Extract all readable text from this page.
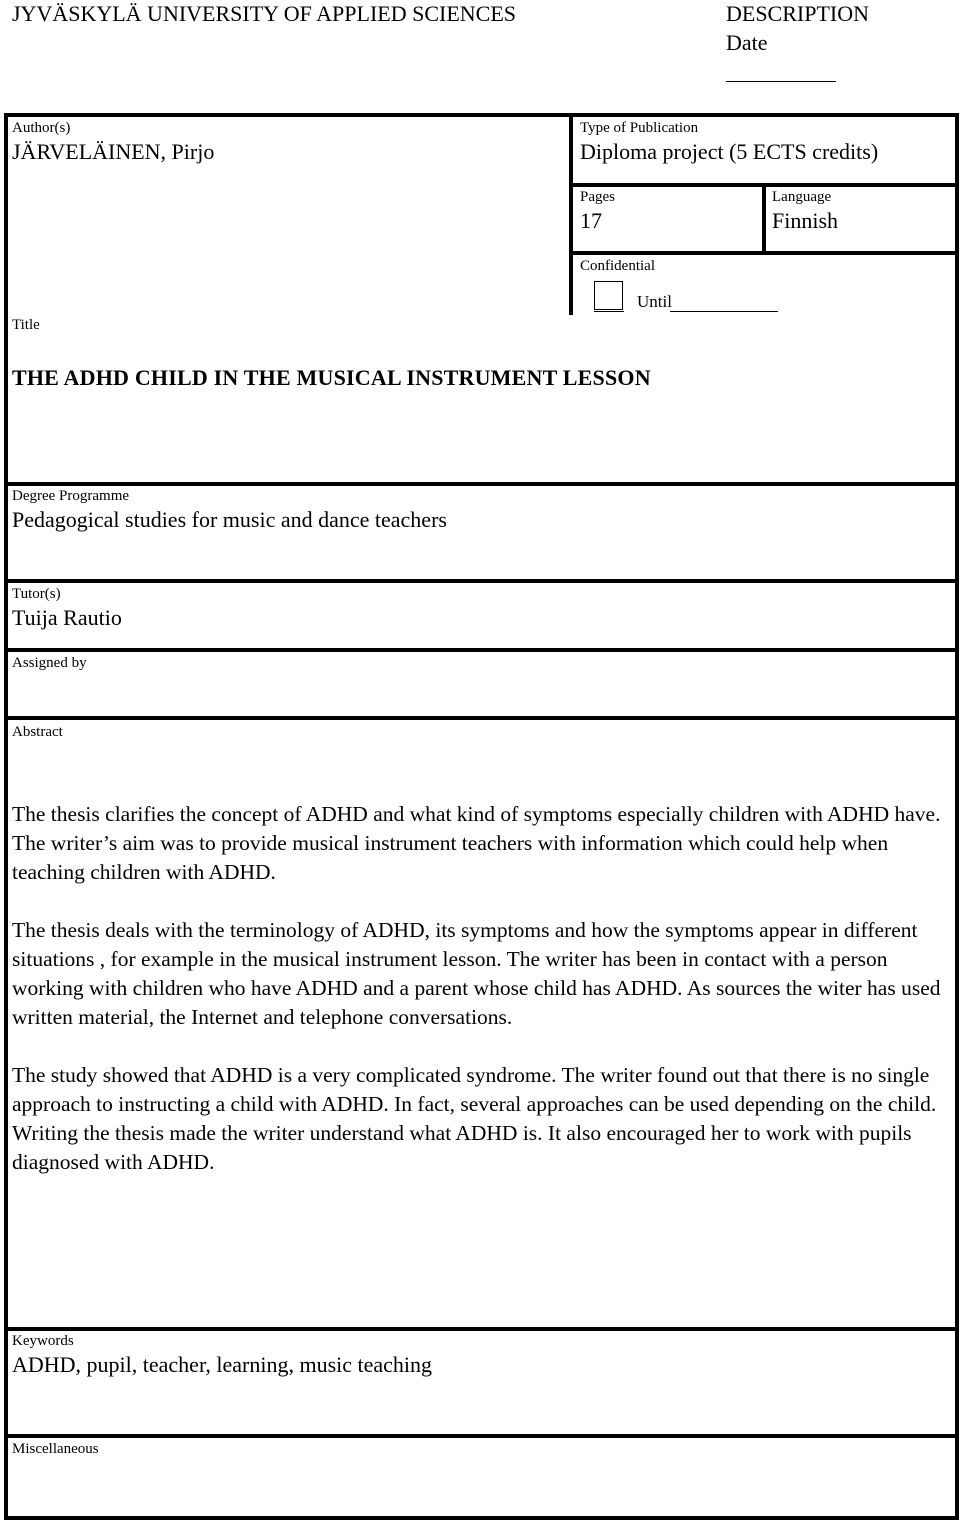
JYVÄSKYLÄ UNIVERSITY OF APPLIED SCIENCES	DESCRIPTION
Date
Author(s)
JÄRVELÄINEN, Pirjo
Type of Publication
Diploma project (5 ECTS credits)
Pages
17
Language
Finnish
Confidential
Until
Title
THE ADHD CHILD IN THE MUSICAL INSTRUMENT LESSON
Degree Programme
Pedagogical studies for music and dance teachers
Tutor(s)
Tuija Rautio
Assigned by
Abstract

The thesis clarifies the concept of ADHD and what kind of symptoms especially children with ADHD have. The writer’s aim was to provide musical instrument teachers with information which could help when teaching children with ADHD.

The thesis deals with the terminology of ADHD, its symptoms and how the symptoms appear in different situations , for example in the musical instrument lesson. The writer has been in contact with a person working with children who have ADHD and a parent whose child has ADHD. As sources the witer has used written material, the Internet and telephone conversations.

The study showed that ADHD is a very complicated syndrome. The writer found out that there is no single approach to instructing a child with ADHD. In fact, several approaches can be used depending on the child. Writing the thesis made the writer understand what ADHD is. It also encouraged her to work with pupils diagnosed with ADHD.

Keywords
ADHD, pupil, teacher, learning, music teaching
Miscellaneous
